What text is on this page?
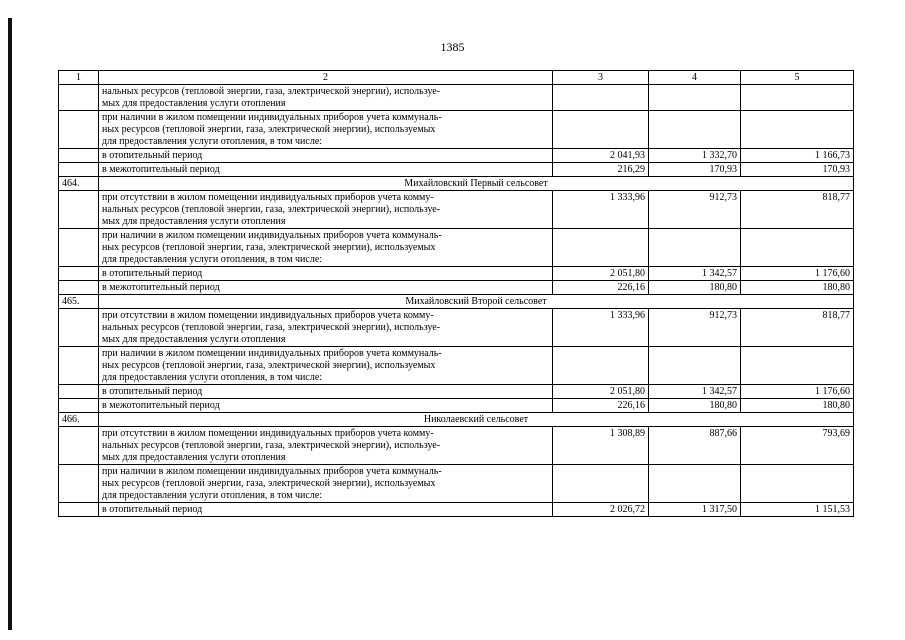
1385
1	2	3	4	5

	нальных ресурсов (тепловой энергии, газа, электрической энергии), используе-
мых для предоставления услуги отопления			

	при наличии в жилом помещении индивидуальных приборов учета коммуналь-
ных ресурсов (тепловой энергии, газа, электрической энергии), используемых
для предоставления услуги отопления, в том числе:			

	в отопительный период	2 041,93	1 332,70	1 166,73

	в межотопительный период	216,29	170,93	170,93
464.	Михайловский Первый сельсовет			

	при отсутствии в жилом помещении индивидуальных приборов учета комму-
нальных ресурсов (тепловой энергии, газа, электрической энергии), используе-
мых для предоставления услуги отопления	1 333,96	912,73	818,77

	при наличии в жилом помещении индивидуальных приборов учета коммуналь-
ных ресурсов (тепловой энергии, газа, электрической энергии), используемых
для предоставления услуги отопления, в том числе:			

	в отопительный период	2 051,80	1 342,57	1 176,60

	в межотопительный период	226,16	180,80	180,80
465.	Михайловский Второй сельсовет			

	при отсутствии в жилом помещении индивидуальных приборов учета комму-
нальных ресурсов (тепловой энергии, газа, электрической энергии), используе-
мых для предоставления услуги отопления	1 333,96	912,73	818,77

	при наличии в жилом помещении индивидуальных приборов учета коммуналь-
ных ресурсов (тепловой энергии, газа, электрической энергии), используемых
для предоставления услуги отопления, в том числе:			

	в отопительный период	2 051,80	1 342,57	1 176,60

	в межотопительный период	226,16	180,80	180,80
466.	Николаевский сельсовет			

	при отсутствии в жилом помещении индивидуальных приборов учета комму-
нальных ресурсов (тепловой энергии, газа, электрической энергии), используе-
мых для предоставления услуги отопления	1 308,89	887,66	793,69

	при наличии в жилом помещении индивидуальных приборов учета коммуналь-
ных ресурсов (тепловой энергии, газа, электрической энергии), используемых
для предоставления услуги отопления, в том числе:			

	в отопительный период	2 026,72	1 317,50	1 151,53
